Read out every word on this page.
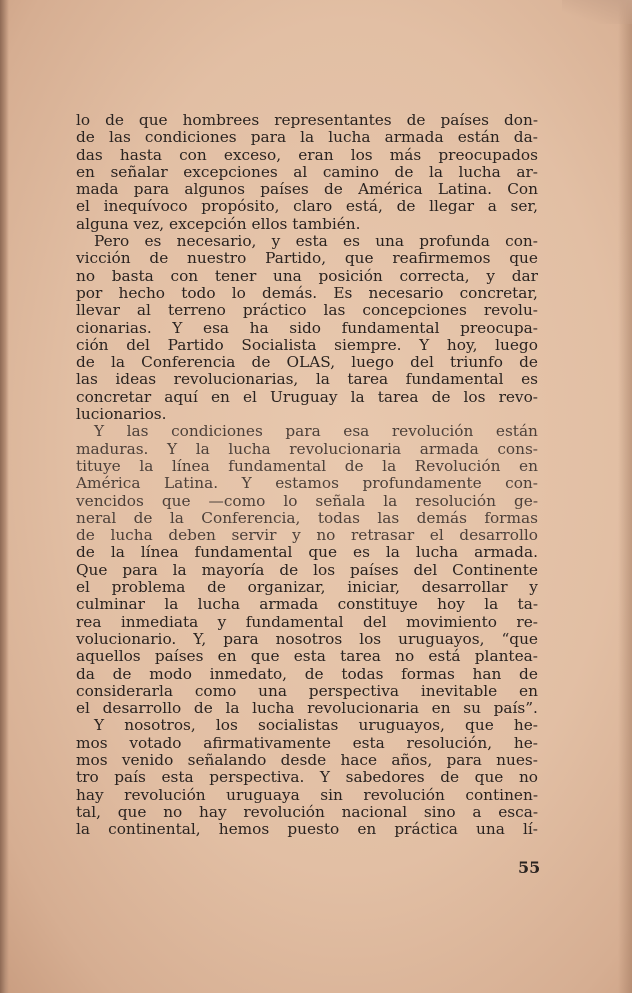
lo de que hombrees representantes de países don-
de las condiciones para la lucha armada están da-
das hasta con exceso, eran los más preocupados
en señalar excepciones al camino de la lucha ar-
mada para algunos países de América Latina. Con
el inequívoco propósito, claro está, de llegar a ser,
alguna
vez,
excepción
ellos
también.
Pero es necesario, y esta es una profunda con-
vicción de nuestro Partido, que reafirmemos que
no basta con tener una posición correcta, y dar
por hecho todo lo demás. Es necesario concretar,
llevar al terreno práctico las concepciones revolu-
cionarias. Y esa ha sido fundamental preocupa-
ción del Partido Socialista siempre. Y hoy, luego
de la Conferencia de OLAS, luego del triunfo de
las ideas revolucionarias, la tarea fundamental es
concretar aquí en el Uruguay la tarea de los revo-
lucionarios.
Y las condiciones para esa revolución están
maduras. Y la lucha revolucionaria armada cons-
tituye la línea fundamental de la Revolución en
América Latina. Y estamos profundamente con-
vencidos que —como lo señala la resolución ge-
neral de la Conferencia, todas las demás formas
de lucha deben servir y no retrasar el desarrollo
de la línea fundamental que es la lucha armada.
Que para la mayoría de los países del Continente
el problema de organizar, iniciar, desarrollar y
culminar la lucha armada constituye hoy la ta-
rea inmediata y fundamental del movimiento re-
volucionario. Y, para nosotros los uruguayos, “que
aquellos países en que esta tarea no está plantea-
da de modo inmedato, de todas formas han de
considerarla como una perspectiva inevitable en
el desarrollo de la lucha revolucionaria en su país”.
Y nosotros, los socialistas uruguayos, que he-
mos votado afirmativamente esta resolución, he-
mos venido señalando desde hace años, para nues-
tro país esta perspectiva. Y sabedores de que no
hay revolución uruguaya sin revolución continen-
tal, que no hay revolución nacional sino a esca-
la continental, hemos puesto en práctica una lí-
55
